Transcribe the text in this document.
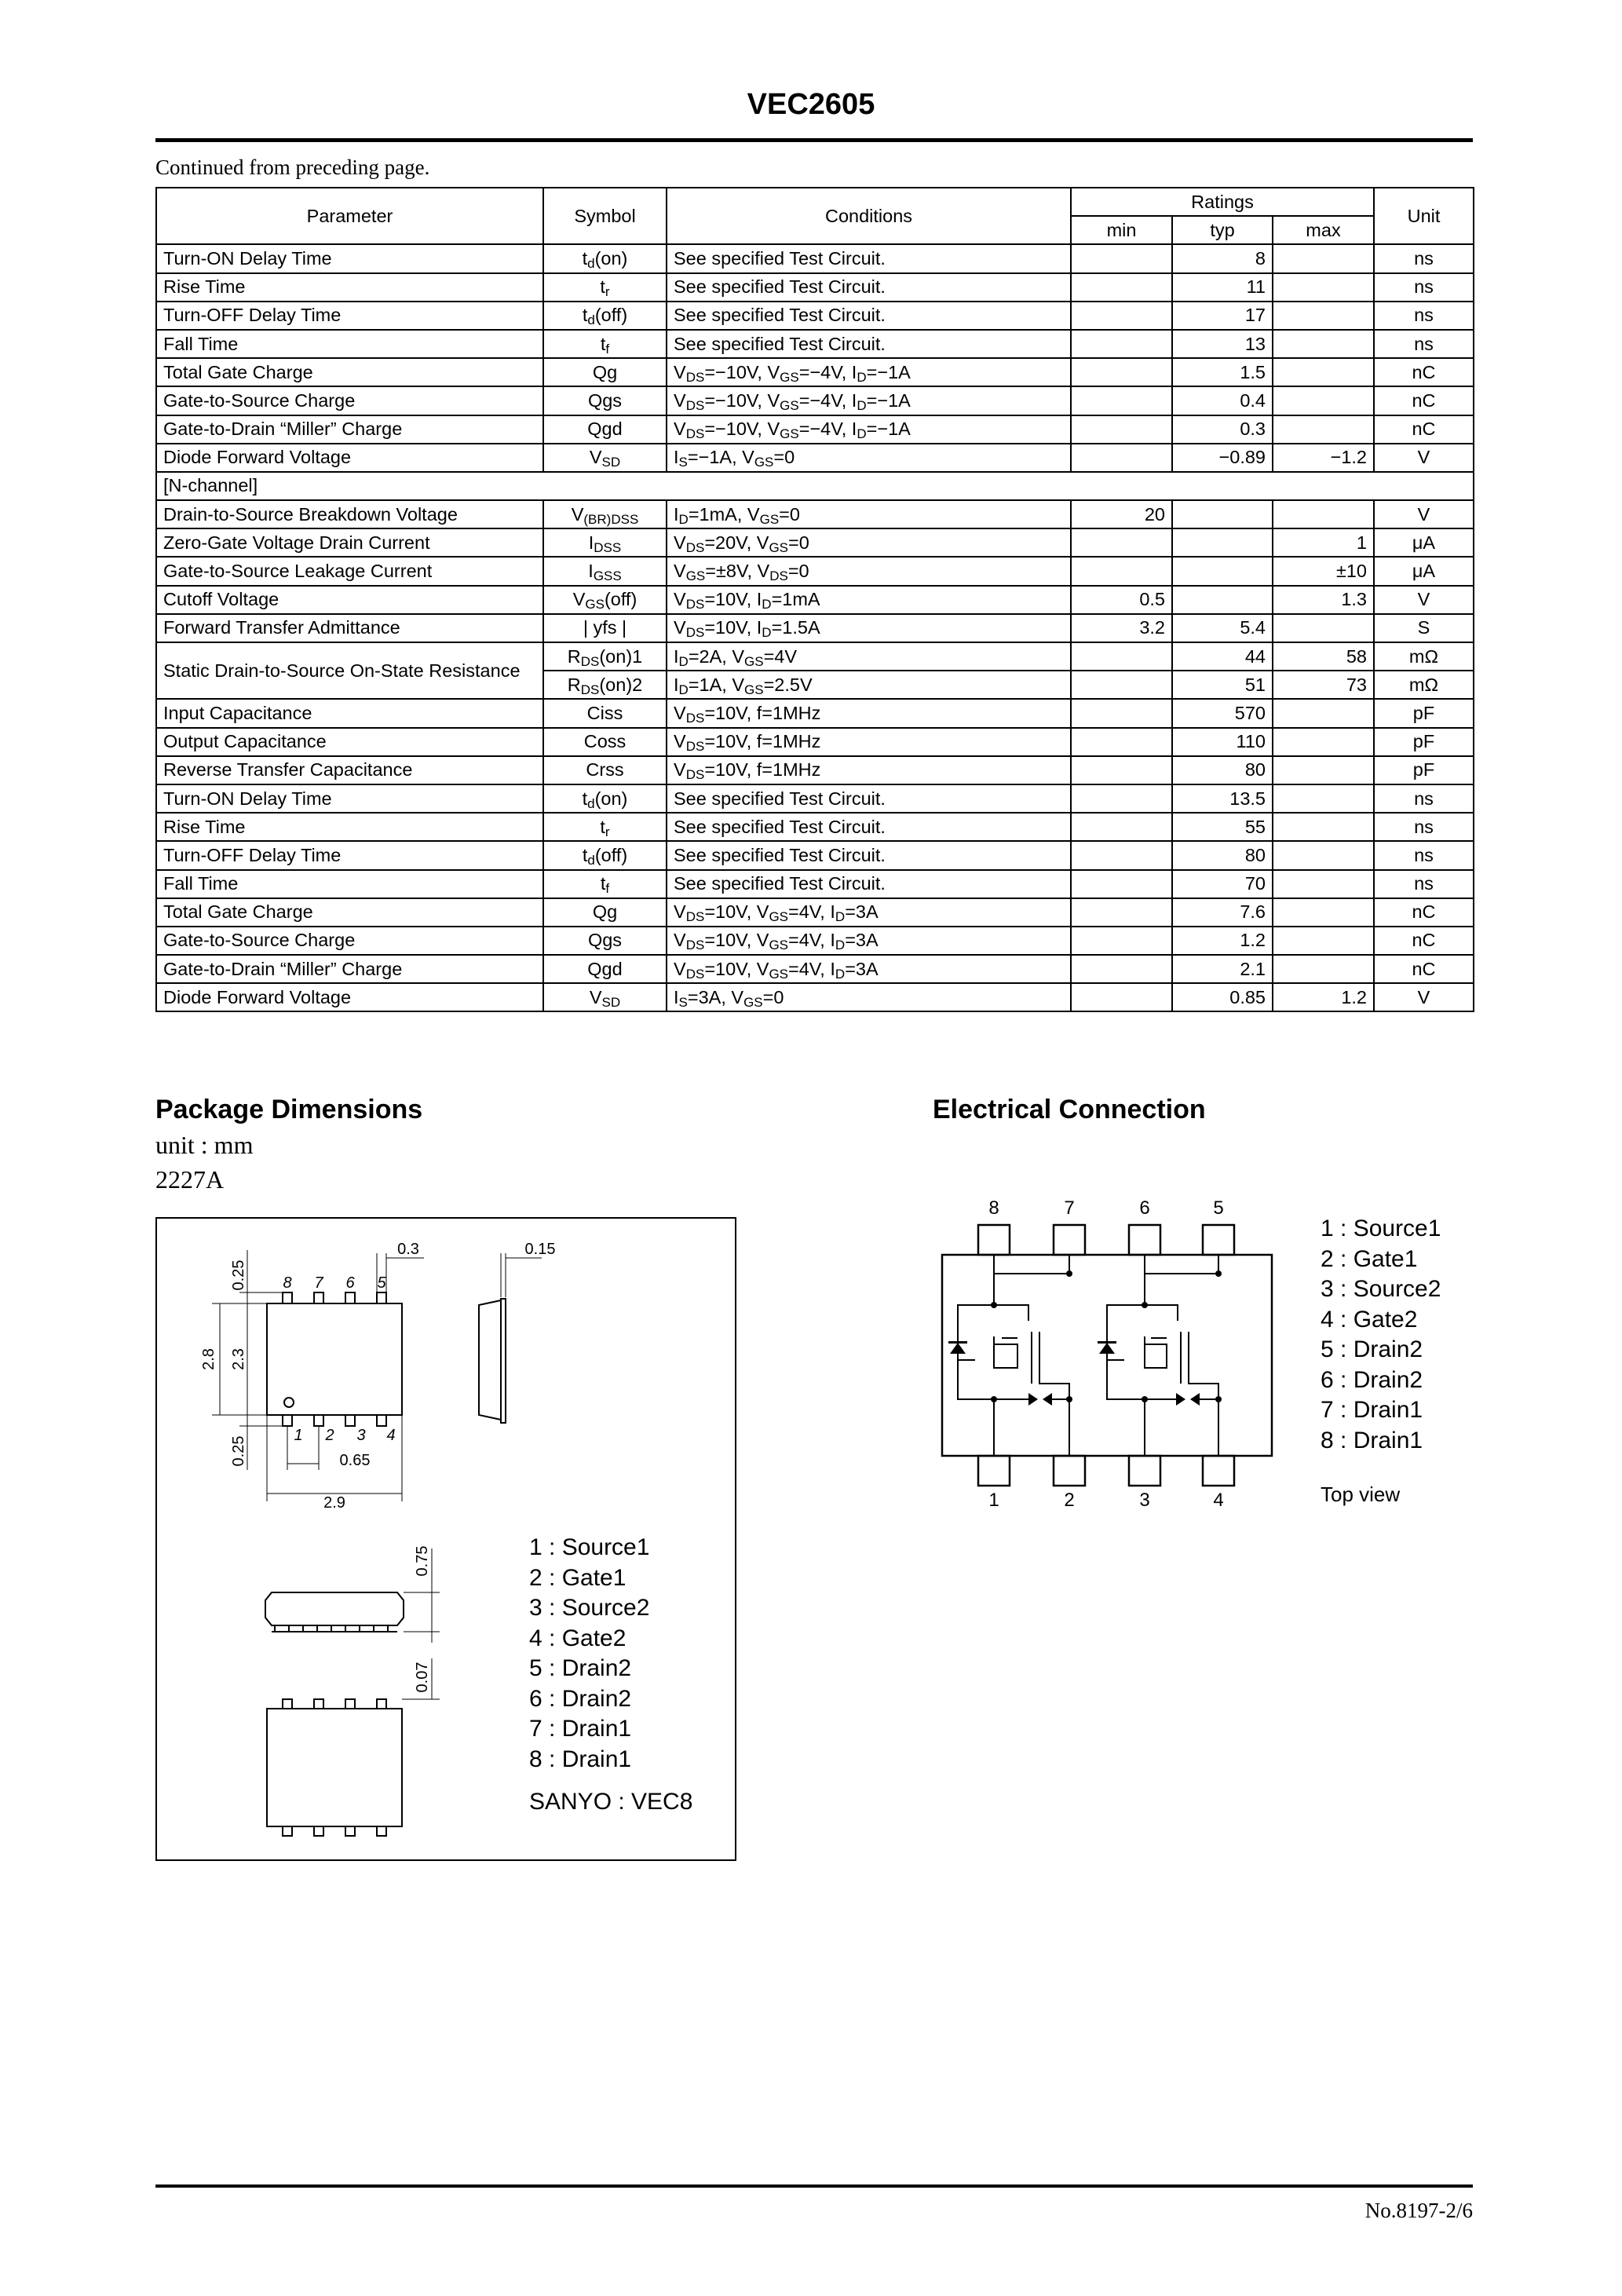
VEC2605
Continued from preceding page.
Parameter	Symbol	Conditions	Ratings			Unit
			min	typ	max	
Turn-ON Delay Time	$t_d(on)$	See specified Test Circuit.		8		ns
Rise Time	$t_r$	See specified Test Circuit.		11		ns
Turn-OFF Delay Time	$t_d(off)$	See specified Test Circuit.		17		ns
Fall Time	$t_f$	See specified Test Circuit.		13		ns
Total Gate Charge	Qg	$V_{DS}=-10V$, $V_{GS}=-4V$, $I_D=-1A$		1.5		nC
Gate-to-Source Charge	Qgs	$V_{DS}=-10V$, $V_{GS}=-4V$, $I_D=-1A$		0.4		nC
Gate-to-Drain “Miller” Charge	Qgd	$V_{DS}=-10V$, $V_{GS}=-4V$, $I_D=-1A$		0.3		nC
Diode Forward Voltage	$V_{SD}$	$I_S=-1A$, $V_{GS}=0$		−0.89	−1.2	V
[N-channel]						
Drain-to-Source Breakdown Voltage	$V_{(BR)DSS}$	$I_D=1mA$, $V_{GS}=0$	20			V
Zero-Gate Voltage Drain Current	$I_{DSS}$	$V_{DS}=20V$, $V_{GS}=0$			1	μA
Gate-to-Source Leakage Current	$I_{GSS}$	$V_{GS}=\pm 8V$, $V_{DS}=0$			±10	μA
Cutoff Voltage	$V_{GS}(off)$	$V_{DS}=10V$, $I_D=1mA$	0.5		1.3	V
Forward Transfer Admittance	| yfs |	$V_{DS}=10V$, $I_D=1.5A$	3.2	5.4		S
Static Drain-to-Source On-State Resistance	$R_{DS}(on)1$	$I_D=2A$, $V_{GS}=4V$		44	58	mΩ
	$R_{DS}(on)2$	$I_D=1A$, $V_{GS}=2.5V$		51	73	mΩ
Input Capacitance	Ciss	$V_{DS}=10V$, f=1MHz		570		pF
Output Capacitance	Coss	$V_{DS}=10V$, f=1MHz		110		pF
Reverse Transfer Capacitance	Crss	$V_{DS}=10V$, f=1MHz		80		pF
Turn-ON Delay Time	$t_d(on)$	See specified Test Circuit.		13.5		ns
Rise Time	$t_r$	See specified Test Circuit.		55		ns
Turn-OFF Delay Time	$t_d(off)$	See specified Test Circuit.		80		ns
Fall Time	$t_f$	See specified Test Circuit.		70		ns
Total Gate Charge	Qg	$V_{DS}=10V$, $V_{GS}=4V$, $I_D=3A$		7.6		nC
Gate-to-Source Charge	Qgs	$V_{DS}=10V$, $V_{GS}=4V$, $I_D=3A$		1.2		nC
Gate-to-Drain “Miller” Charge	Qgd	$V_{DS}=10V$, $V_{GS}=4V$, $I_D=3A$		2.1		nC
Diode Forward Voltage	$V_{SD}$	$I_S=3A$, $V_{GS}=0$		0.85	1.2	V
Package Dimensions
unit : mm
2227A
0.25
0.3	0.15
2.8 2.3
0.25	0.65
2.9
0.75
0.07
8 7 6 5
1 2 3 4
1 : Source1
2 : Gate1
3 : Source2
4 : Gate2
5 : Drain2
6 : Drain2
7 : Drain1
8 : Drain1
SANYO : VEC8
Electrical Connection
8	7	6	5
1	2	3	4
1 : Source1
2 : Gate1
3 : Source2
4 : Gate2
5 : Drain2
6 : Drain2
7 : Drain1
8 : Drain1
Top view
No.8197-2/6
